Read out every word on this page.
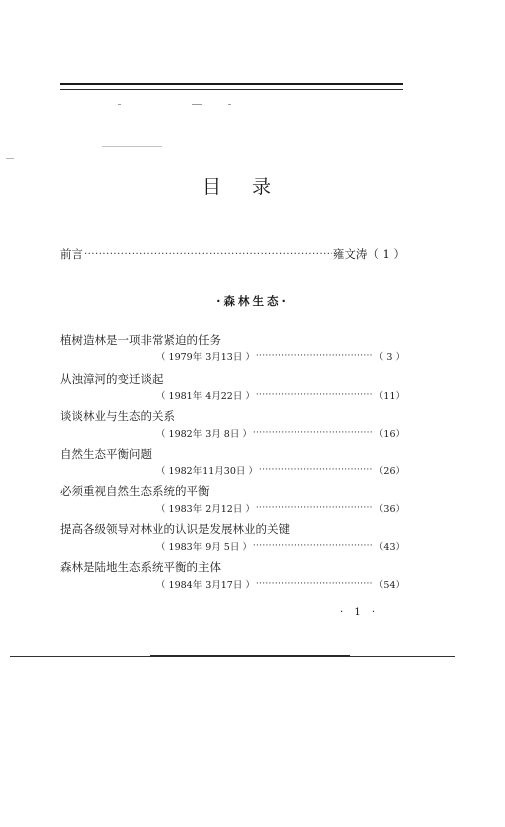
目 录
前言 ·····	雍文涛（ 1 ）
·森林生态·
植树造林是一项非常紧迫的任务
（ 1979年 3月13日 ） ·····	（ 3 ）
从浊漳河的变迁谈起
（ 1981年 4月22日 ） ·····	（11）
谈谈林业与生态的关系
（ 1982年 3月 8日 ） ·····	（16）
自然生态平衡问题
（ 1982年11月30日 ） ·····	（26）
必须重视自然生态系统的平衡
（ 1983年 2月12日 ） ·····	（36）
提高各级领导对林业的认识是发展林业的关键
（ 1983年 9月 5日 ） ·····	（43）
森林是陆地生态系统平衡的主体
（ 1984年 3月17日 ） ·····	（54）
· 1 ·
